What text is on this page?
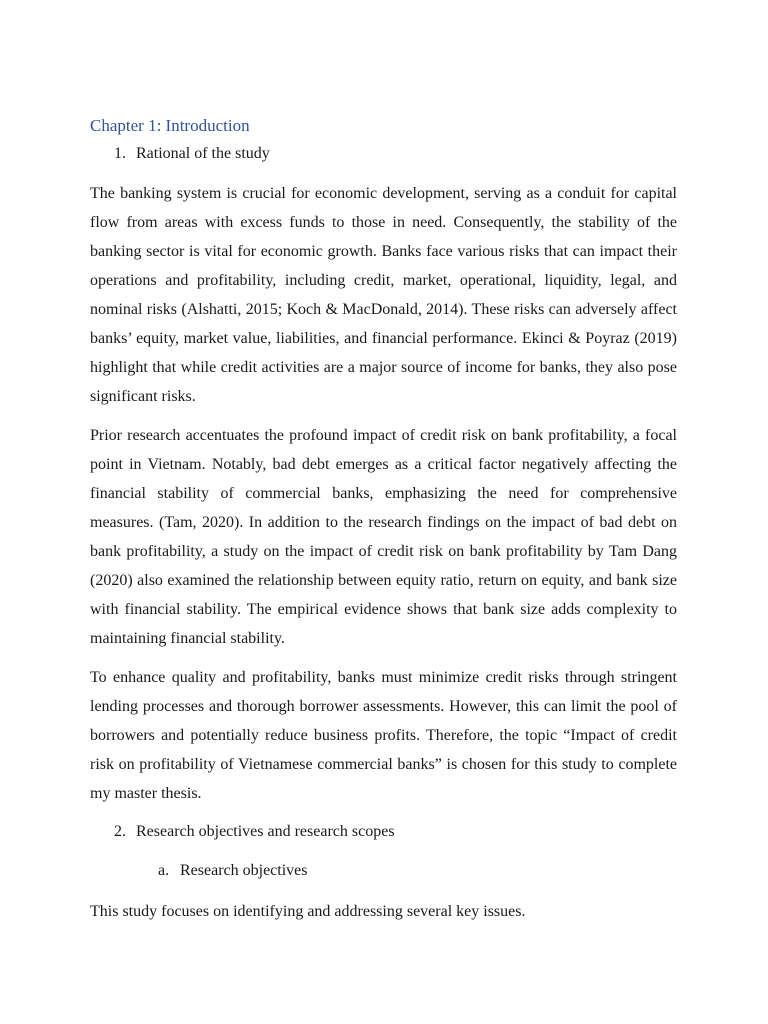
Chapter 1: Introduction
1. Rational of the study

The banking system is crucial for economic development, serving as a conduit for capital flow from areas with excess funds to those in need. Consequently, the stability of the banking sector is vital for economic growth. Banks face various risks that can impact their operations and profitability, including credit, market, operational, liquidity, legal, and nominal risks (Alshatti, 2015; Koch & MacDonald, 2014). These risks can adversely affect banks’ equity, market value, liabilities, and financial performance. Ekinci & Poyraz (2019) highlight that while credit activities are a major source of income for banks, they also pose significant risks.

Prior research accentuates the profound impact of credit risk on bank profitability, a focal point in Vietnam. Notably, bad debt emerges as a critical factor negatively affecting the financial stability of commercial banks, emphasizing the need for comprehensive measures. (Tam, 2020). In addition to the research findings on the impact of bad debt on bank profitability, a study on the impact of credit risk on bank profitability by Tam Dang (2020) also examined the relationship between equity ratio, return on equity, and bank size with financial stability. The empirical evidence shows that bank size adds complexity to maintaining financial stability.

To enhance quality and profitability, banks must minimize credit risks through stringent lending processes and thorough borrower assessments. However, this can limit the pool of borrowers and potentially reduce business profits. Therefore, the topic “Impact of credit risk on profitability of Vietnamese commercial banks” is chosen for this study to complete my master thesis.

2. Research objectives and research scopes
a. Research objectives

This study focuses on identifying and addressing several key issues.
